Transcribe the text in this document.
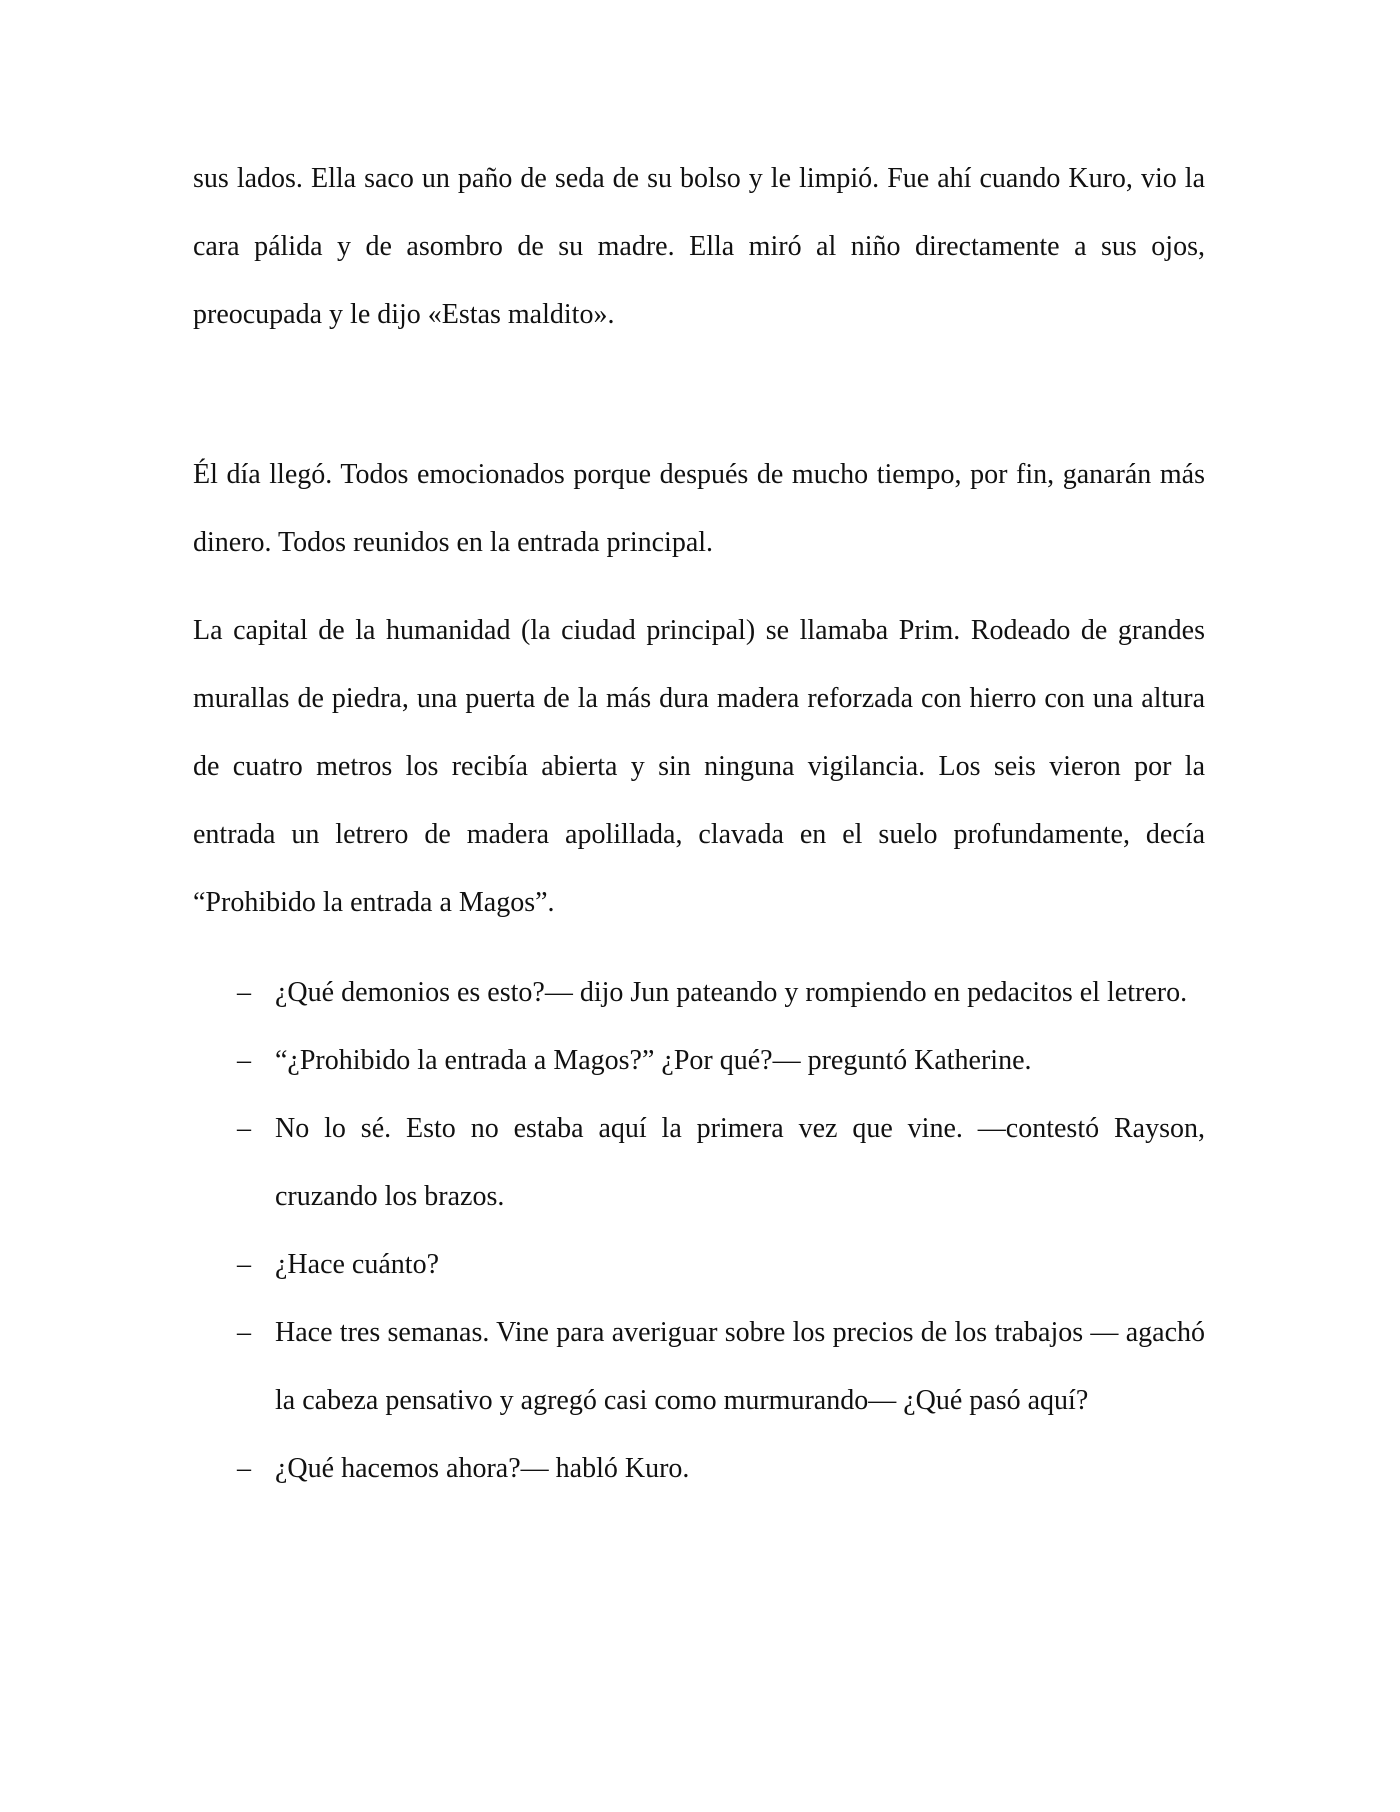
sus lados. Ella saco un paño de seda de su bolso y le limpió. Fue ahí cuando Kuro, vio la cara pálida y de asombro de su madre. Ella miró al niño directamente a sus ojos, preocupada y le dijo «Estas maldito».

Él día llegó. Todos emocionados porque después de mucho tiempo, por fin, ganarán más dinero. Todos reunidos en la entrada principal.

La capital de la humanidad (la ciudad principal) se llamaba Prim. Rodeado de grandes murallas de piedra, una puerta de la más dura madera reforzada con hierro con una altura de cuatro metros los recibía abierta y sin ninguna vigilancia. Los seis vieron por la entrada un letrero de madera apolillada, clavada en el suelo profundamente, decía “Prohibido la entrada a Magos”.

– ¿Qué demonios es esto?— dijo Jun pateando y rompiendo en pedacitos el letrero.
– “¿Prohibido la entrada a Magos?” ¿Por qué?— preguntó Katherine.
– No lo sé. Esto no estaba aquí la primera vez que vine. —contestó Rayson, cruzando los brazos.
– ¿Hace cuánto?
– Hace tres semanas. Vine para averiguar sobre los precios de los trabajos — agachó la cabeza pensativo y agregó casi como murmurando— ¿Qué pasó aquí?
– ¿Qué hacemos ahora?— habló Kuro.
